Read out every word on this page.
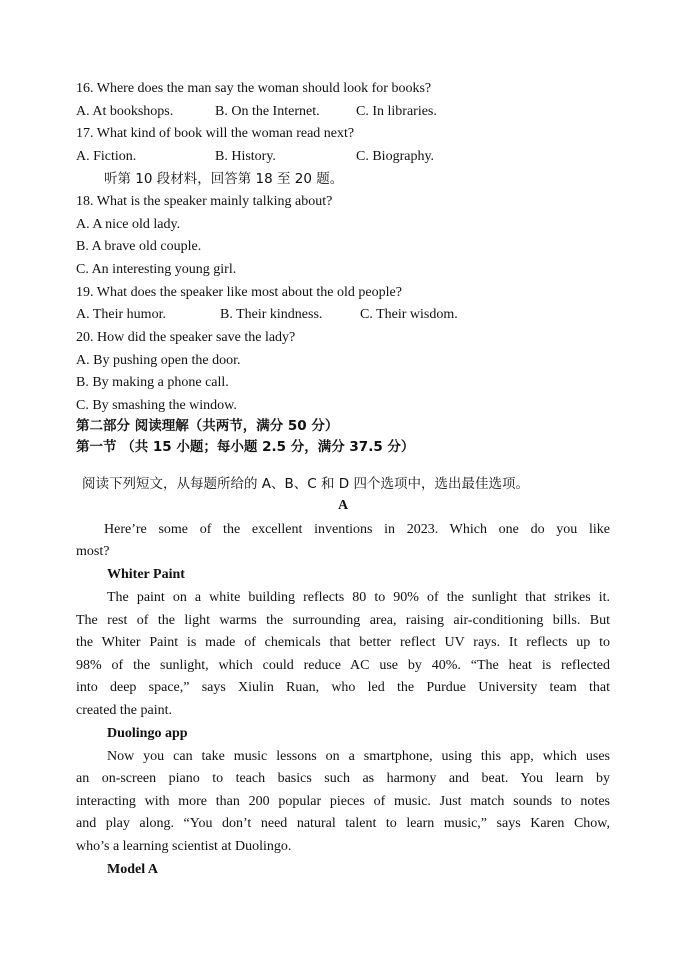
16. Where does the man say the woman should look for books?
A. At bookshops.	B. On the Internet.	C. In libraries.
17. What kind of book will the woman read next?
A. Fiction.	B. History.	C. Biography.
听第 10 段材料，回答第 18 至 20 题。
18. What is the speaker mainly talking about?
A. A nice old lady.
B. A brave old couple.
C. An interesting young girl.
19. What does the speaker like most about the old people?
A. Their humor.	B. Their kindness.	C. Their wisdom.
20. How did the speaker save the lady?
A. By pushing open the door.
B. By making a phone call.
C. By smashing the window.
第二部分 阅读理解（共两节，满分 50 分）
第一节 （共 15 小题；每小题 2.5 分，满分 37.5 分）
阅读下列短文，从每题所给的 A、B、C 和 D 四个选项中，选出最佳选项。
A
Here’re some of the excellent inventions in 2023. Which one do you like
most?
Whiter Paint
The paint on a white building reflects 80 to 90% of the sunlight that strikes it.
The rest of the light warms the surrounding area, raising air-conditioning bills. But
the Whiter Paint is made of chemicals that better reflect UV rays. It reflects up to
98% of the sunlight, which could reduce AC use by 40%. “The heat is reflected
into deep space,” says Xiulin Ruan, who led the Purdue University team that
created the paint.
Duolingo app
Now you can take music lessons on a smartphone, using this app, which uses
an on-screen piano to teach basics such as harmony and beat. You learn by
interacting with more than 200 popular pieces of music. Just match sounds to notes
and play along. “You don’t need natural talent to learn music,” says Karen Chow,
who’s a learning scientist at Duolingo.
Model A
